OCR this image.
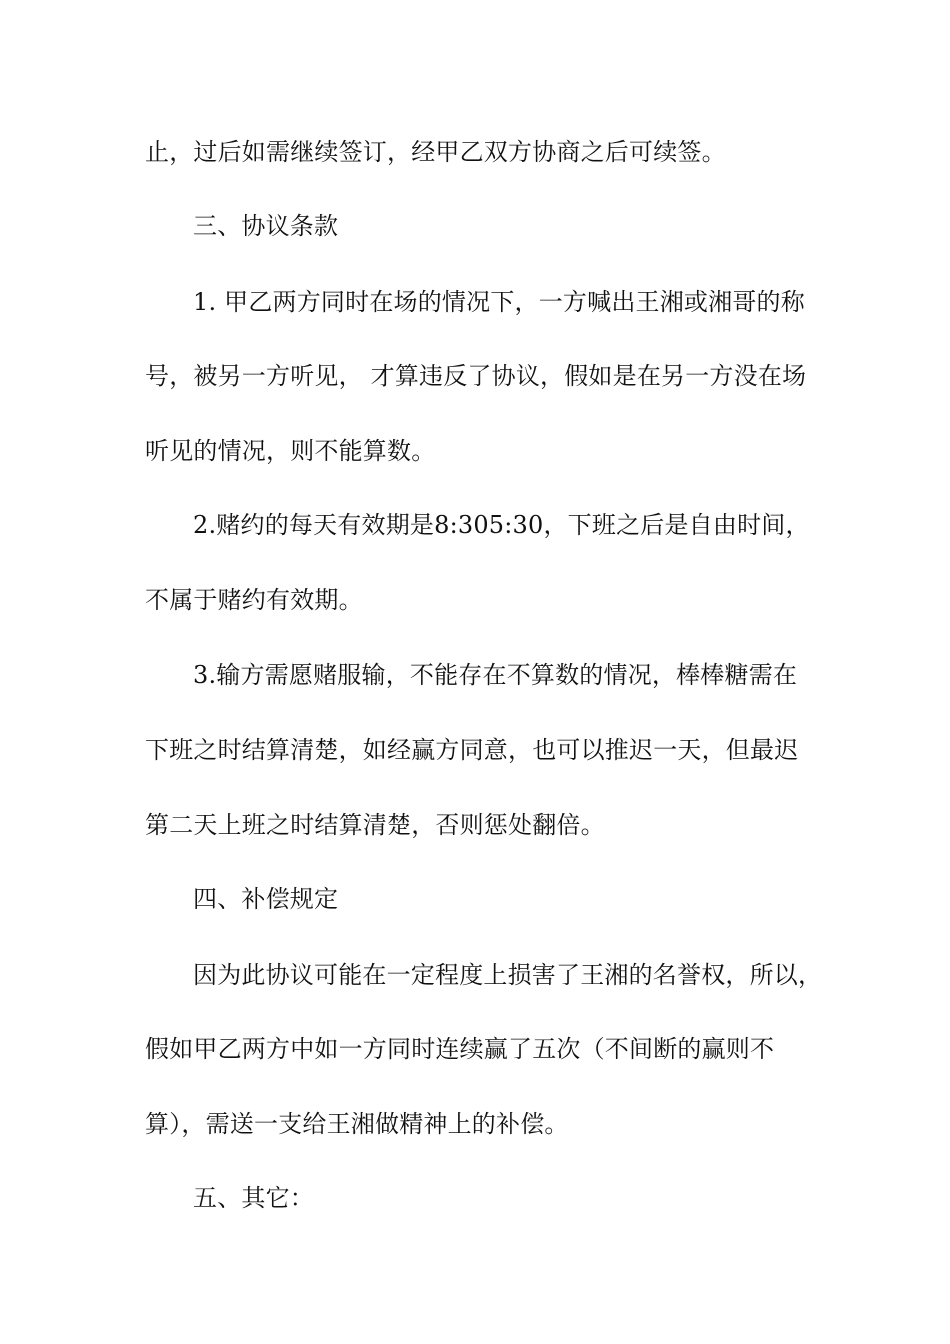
止，过后如需继续签订，经甲乙双方协商之后可续签。
三、协议条款
1. 甲乙两方同时在场的情况下，一方喊出王湘或湘哥的称
号，被另一方听见， 才算违反了协议，假如是在另一方没在场
听见的情况，则不能算数。
2.赌约的每天有效期是8:305:30，下班之后是自由时间，
不属于赌约有效期。
3.输方需愿赌服输，不能存在不算数的情况，棒棒糖需在
下班之时结算清楚，如经赢方同意，也可以推迟一天，但最迟
第二天上班之时结算清楚，否则惩处翻倍。
四、补偿规定
因为此协议可能在一定程度上损害了王湘的名誉权，所以，
假如甲乙两方中如一方同时连续赢了五次（不间断的赢则不
算），需送一支给王湘做精神上的补偿。
五、其它：
